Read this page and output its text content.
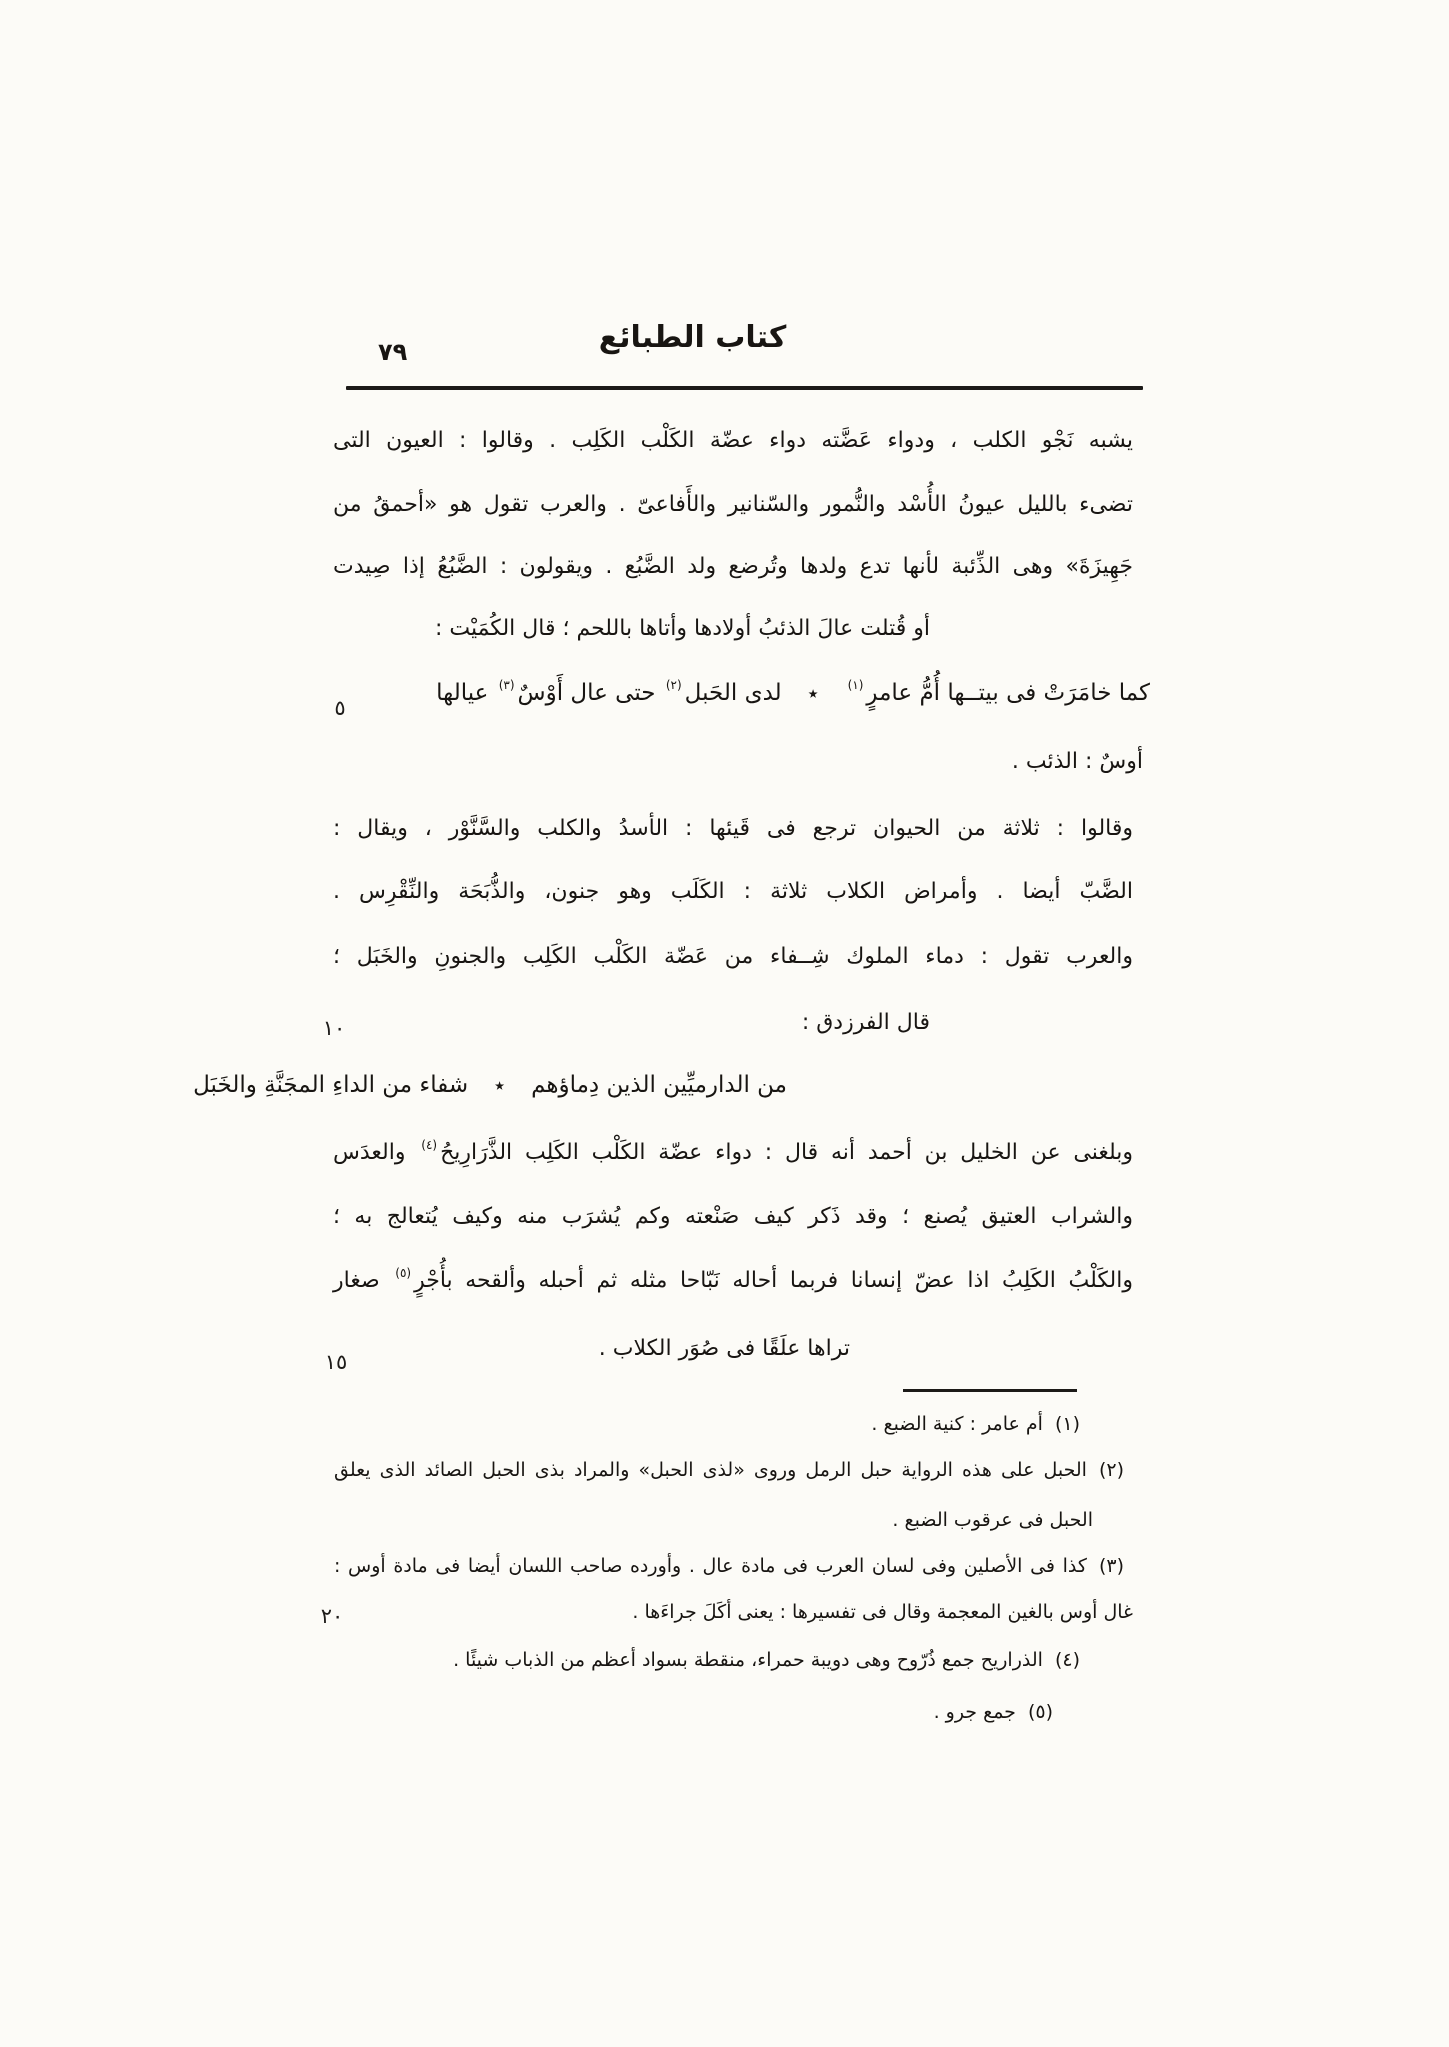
كتاب الطبائع
٧٩
يشبه نَجْو الكلب ، ودواء عَضَّته دواء عضّة الكَلْب الكَلِب . وقالوا : العيون التى
تضىء بالليل عيونُ الأُسْد والنُّمور والسّنانير والأَفاعىّ . والعرب تقول هو «أحمقُ من
جَهِيزَةَ» وهى الذِّئبة لأنها تدع ولدها وتُرضع ولد الضَّبُع . ويقولون : الضَّبُعُ إذا صِيدت
أو قُتلت عالَ الذئبُ أولادها وأتاها باللحم ؛ قال الكُمَيْت :
كما خامَرَتْ فى بيتــها أُمُّ عامرٍ$^{(١)}$٭لدى الحَبل$^{(٢)}$ حتى عال أَوْسٌ$^{(٣)}$ عيالها
أوسٌ : الذئب .
وقالوا : ثلاثة من الحيوان ترجع فى قَيئها : الأسدُ والكلب والسَّنَّوْر ، ويقال :
الضَّبّ أيضا . وأمراض الكلاب ثلاثة : الكَلَب وهو جنون، والذُّبَحَة والنِّقْرِس .
والعرب تقول : دماء الملوك شِــفاء من عَضّة الكَلْب الكَلِب والجنونِ والخَبَل ؛
قال الفرزدق :
من الدارميِّين الذين دِماؤهم٭شفاء من الداءِ المجَنَّةِ والخَبَل
وبلغنى عن الخليل بن أحمد أنه قال : دواء عضّة الكَلْب الكَلِب الذَّرَارِيحُ$^{(٤)}$ والعدَس
والشراب العتيق يُصنع ؛ وقد ذَكر كيف صَنْعته وكم يُشرَب منه وكيف يُتعالج به ؛
والكَلْبُ الكَلِبُ اذا عضّ إنسانا فربما أحاله نَبّاحا مثله ثم أحبله وألقحه بأُجْرٍ$^{(٥)}$ صغار
تراها علَقًا فى صُوَر الكلاب .
٥
١٠
١٥
٢٠
(١)أم عامر : كنية الضبع .
(٢)الحبل على هذه الرواية حبل الرمل وروى «لذى الحبل» والمراد بذى الحبل الصائد الذى يعلق
الحبل فى عرقوب الضبع .
(٣)كذا فى الأصلين وفى لسان العرب فى مادة عال . وأورده صاحب اللسان أيضا فى مادة أوس :
غال أوس بالغين المعجمة وقال فى تفسيرها : يعنى أكَلَ جراءَها .
(٤)الذراريح جمع ذُرّوح وهى دويبة حمراء، منقطة بسواد أعظم من الذباب شيئًا .
(٥)جمع جرو .
